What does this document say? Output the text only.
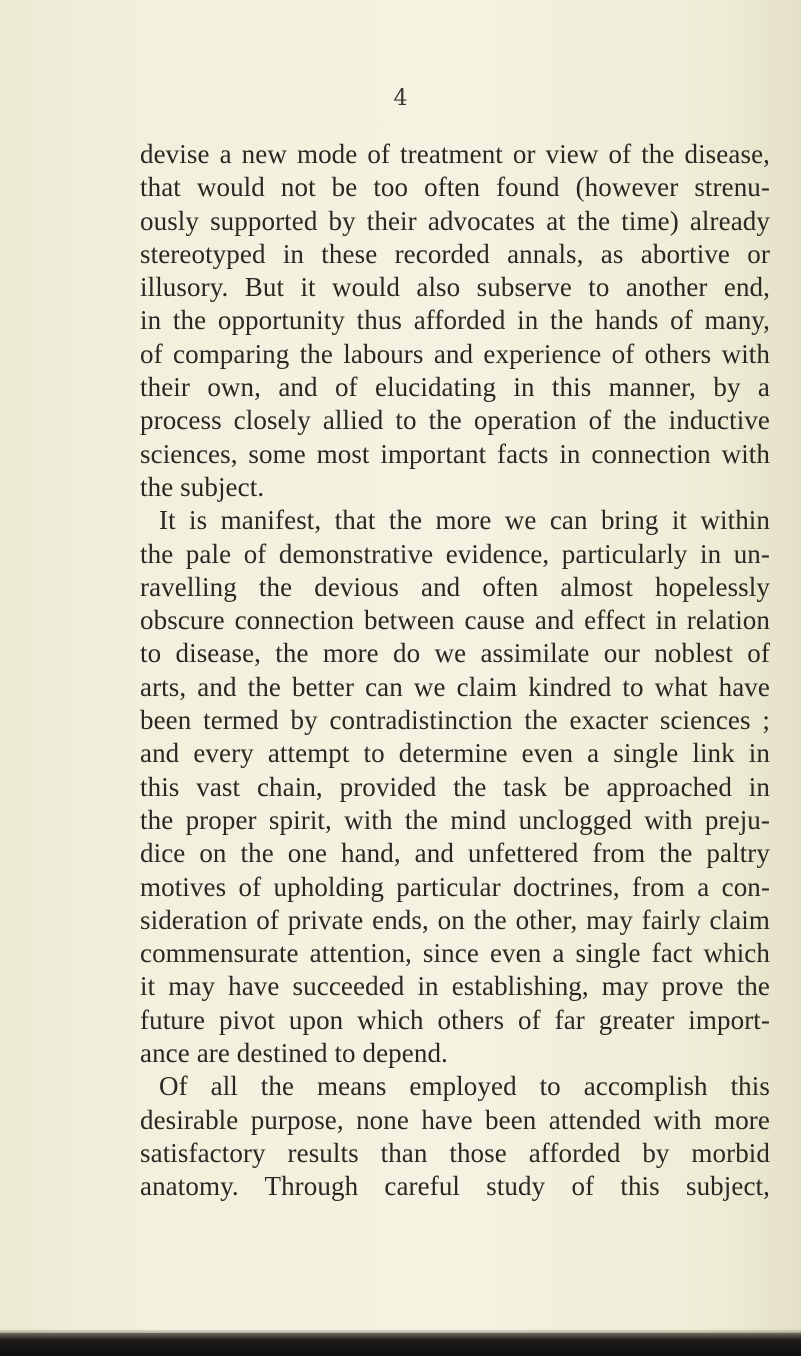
4
devise a new mode of treatment or view of the disease,
that would not be too often found (however strenu-
ously supported by their advocates at the time) already
stereotyped in these recorded annals, as abortive or
illusory. But it would also subserve to another end,
in the opportunity thus afforded in the hands of many,
of comparing the labours and experience of others with
their own, and of elucidating in this manner, by a
process closely allied to the operation of the inductive
sciences, some most important facts in connection with
the subject.
It is manifest, that the more we can bring it within
the pale of demonstrative evidence, particularly in un-
ravelling the devious and often almost hopelessly
obscure connection between cause and effect in relation
to disease, the more do we assimilate our noblest of
arts, and the better can we claim kindred to what have
been termed by contradistinction the exacter sciences ;
and every attempt to determine even a single link in
this vast chain, provided the task be approached in
the proper spirit, with the mind unclogged with preju-
dice on the one hand, and unfettered from the paltry
motives of upholding particular doctrines, from a con-
sideration of private ends, on the other, may fairly claim
commensurate attention, since even a single fact which
it may have succeeded in establishing, may prove the
future pivot upon which others of far greater import-
ance are destined to depend.
Of all the means employed to accomplish this
desirable purpose, none have been attended with more
satisfactory results than those afforded by morbid
anatomy. Through careful study of this subject,
